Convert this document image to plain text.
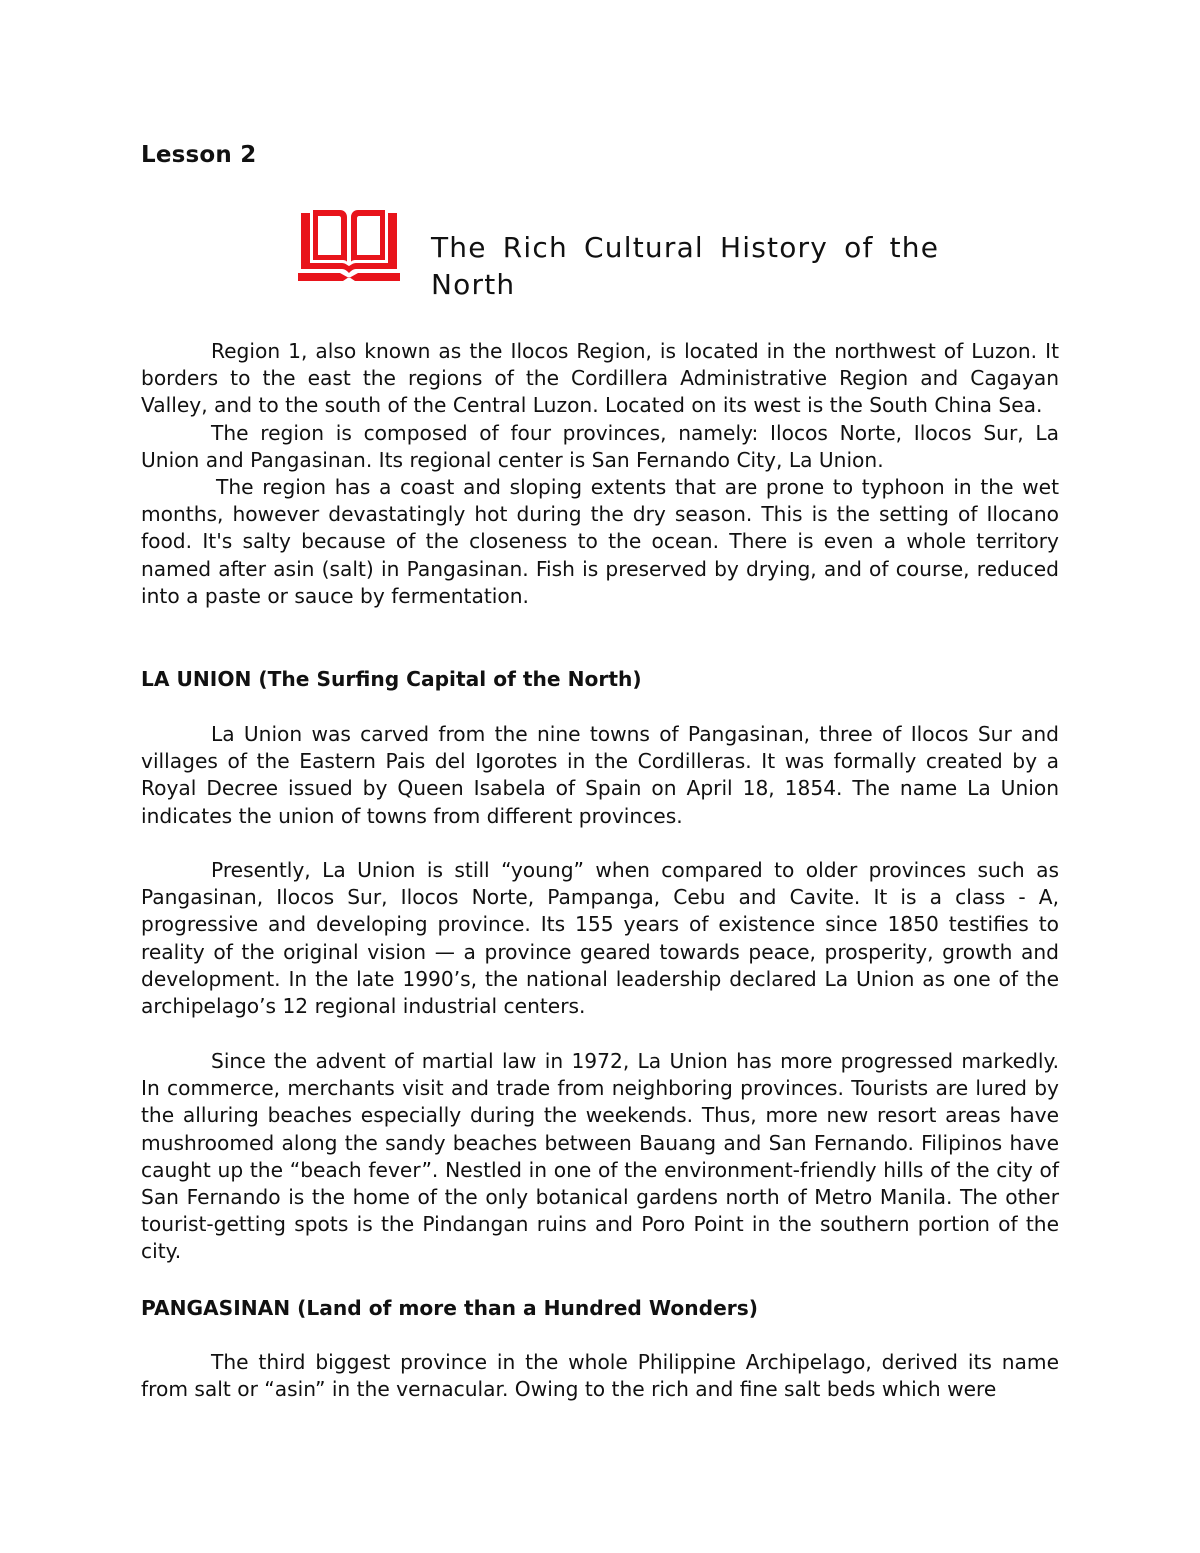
Lesson 2
The Rich Cultural History of the North

Region 1, also known as the Ilocos Region, is located in the northwest of Luzon. It borders to the east the regions of the Cordillera Administrative Region and Cagayan Valley, and to the south of the Central Luzon. Located on its west is the South China Sea.

The region is composed of four provinces, namely: Ilocos Norte, Ilocos Sur, La Union and Pangasinan. Its regional center is San Fernando City, La Union.

The region has a coast and sloping extents that are prone to typhoon in the wet months, however devastatingly hot during the dry season. This is the setting of Ilocano food. It's salty because of the closeness to the ocean. There is even a whole territory named after asin (salt) in Pangasinan. Fish is preserved by drying, and of course, reduced into a paste or sauce by fermentation.

LA UNION (The Surfing Capital of the North)

La Union was carved from the nine towns of Pangasinan, three of Ilocos Sur and villages of the Eastern Pais del Igorotes in the Cordilleras. It was formally created by a Royal Decree issued by Queen Isabela of Spain on April 18, 1854. The name La Union indicates the union of towns from different provinces.

Presently, La Union is still “young” when compared to older provinces such as Pangasinan, Ilocos Sur, Ilocos Norte, Pampanga, Cebu and Cavite. It is a class - A, progressive and developing province. Its 155 years of existence since 1850 testifies to reality of the original vision — a province geared towards peace, prosperity, growth and development. In the late 1990’s, the national leadership declared La Union as one of the archipelago’s 12 regional industrial centers.

Since the advent of martial law in 1972, La Union has more progressed markedly. In commerce, merchants visit and trade from neighboring provinces. Tourists are lured by the alluring beaches especially during the weekends. Thus, more new resort areas have mushroomed along the sandy beaches between Bauang and San Fernando. Filipinos have caught up the “beach fever”. Nestled in one of the environment-friendly hills of the city of San Fernando is the home of the only botanical gardens north of Metro Manila. The other tourist-getting spots is the Pindangan ruins and Poro Point in the southern portion of the city.

PANGASINAN (Land of more than a Hundred Wonders)

The third biggest province in the whole Philippine Archipelago, derived its name from salt or “asin” in the vernacular. Owing to the rich and fine salt beds which were
